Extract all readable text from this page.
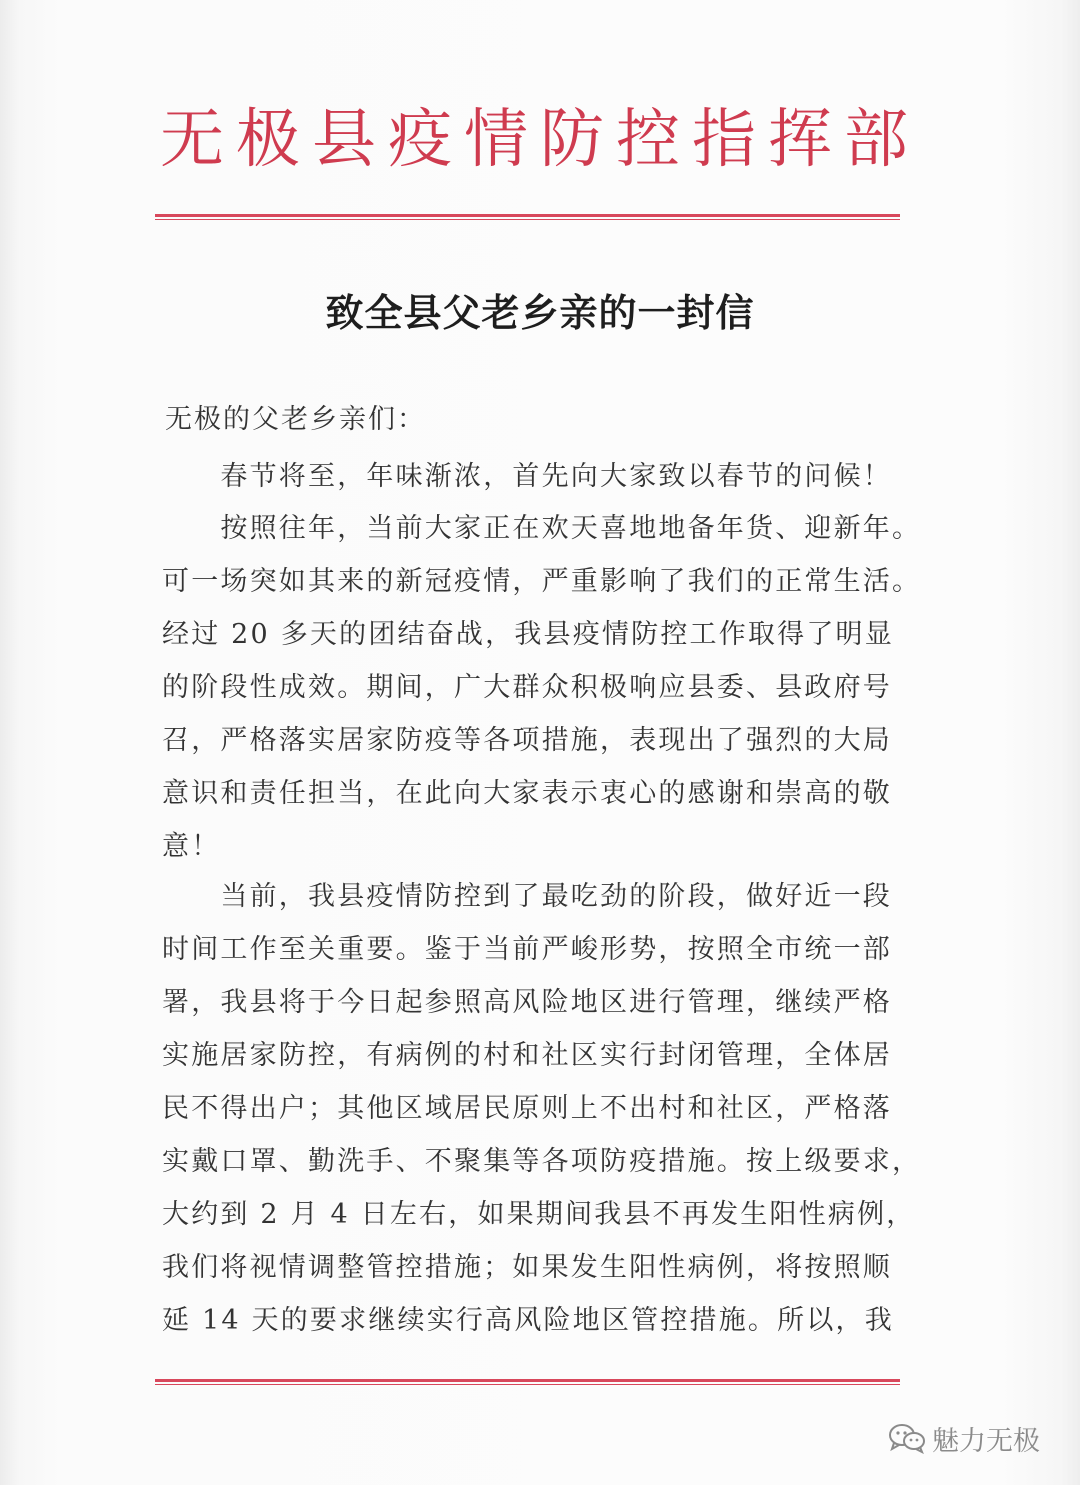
无极县疫情防控指挥部
致全县父老乡亲的一封信
无极的父老乡亲们：
　　春节将至，年味渐浓，首先向大家致以春节的问候！
　　按照往年，当前大家正在欢天喜地地备年货、迎新年。
可一场突如其来的新冠疫情，严重影响了我们的正常生活。
经过 20 多天的团结奋战，我县疫情防控工作取得了明显
的阶段性成效。期间，广大群众积极响应县委、县政府号
召，严格落实居家防疫等各项措施，表现出了强烈的大局
意识和责任担当，在此向大家表示衷心的感谢和崇高的敬
意！
　　当前，我县疫情防控到了最吃劲的阶段，做好近一段
时间工作至关重要。鉴于当前严峻形势，按照全市统一部
署，我县将于今日起参照高风险地区进行管理，继续严格
实施居家防控，有病例的村和社区实行封闭管理，全体居
民不得出户；其他区域居民原则上不出村和社区，严格落
实戴口罩、勤洗手、不聚集等各项防疫措施。按上级要求，
大约到 2 月 4 日左右，如果期间我县不再发生阳性病例，
我们将视情调整管控措施；如果发生阳性病例，将按照顺
延 14 天的要求继续实行高风险地区管控措施。所以，我
魅力无极
